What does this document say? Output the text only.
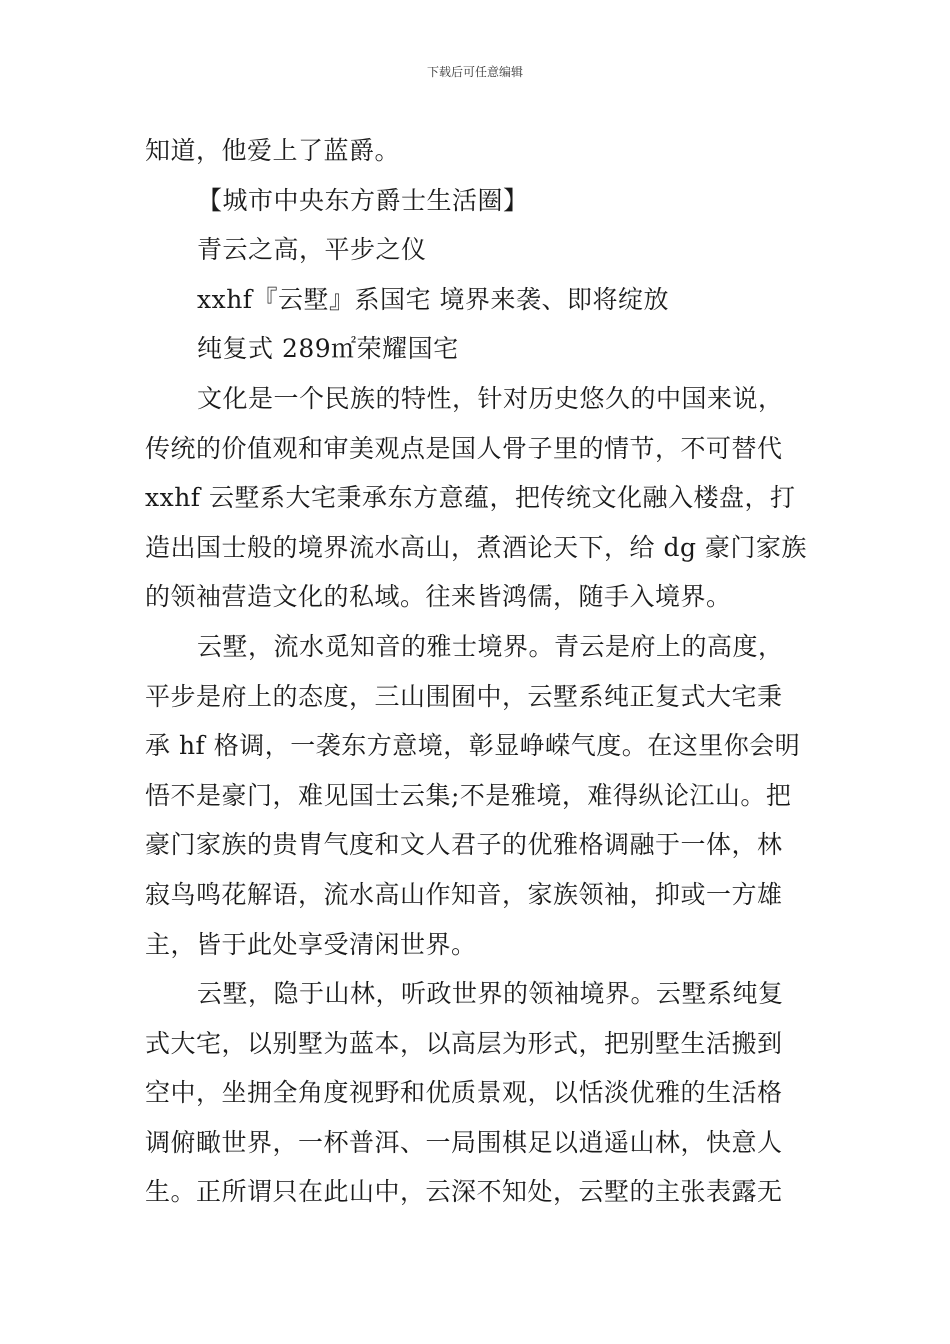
下载后可任意编辑

知道，他爱上了蓝爵。

【城市中央东方爵士生活圈】

青云之高，平步之仪

xxhf『云墅』系国宅 境界来袭、即将绽放

纯复式 289㎡荣耀国宅

文化是一个民族的特性，针对历史悠久的中国来说，

传统的价值观和审美观点是国人骨子里的情节，不可替代

xxhf 云墅系大宅秉承东方意蕴，把传统文化融入楼盘，打

造出国士般的境界流水高山，煮酒论天下，给 dg 豪门家族

的领袖营造文化的私域。往来皆鸿儒，随手入境界。

云墅，流水觅知音的雅士境界。青云是府上的高度，

平步是府上的态度，三山围囿中，云墅系纯正复式大宅秉

承 hf 格调，一袭东方意境，彰显峥嵘气度。在这里你会明

悟不是豪门，难见国士云集;不是雅境，难得纵论江山。把

豪门家族的贵胄气度和文人君子的优雅格调融于一体，林

寂鸟鸣花解语，流水高山作知音，家族领袖，抑或一方雄

主，皆于此处享受清闲世界。

云墅，隐于山林，听政世界的领袖境界。云墅系纯复

式大宅，以别墅为蓝本，以高层为形式，把别墅生活搬到

空中，坐拥全角度视野和优质景观，以恬淡优雅的生活格

调俯瞰世界，一杯普洱、一局围棋足以逍遥山林，快意人

生。正所谓只在此山中，云深不知处，云墅的主张表露无
